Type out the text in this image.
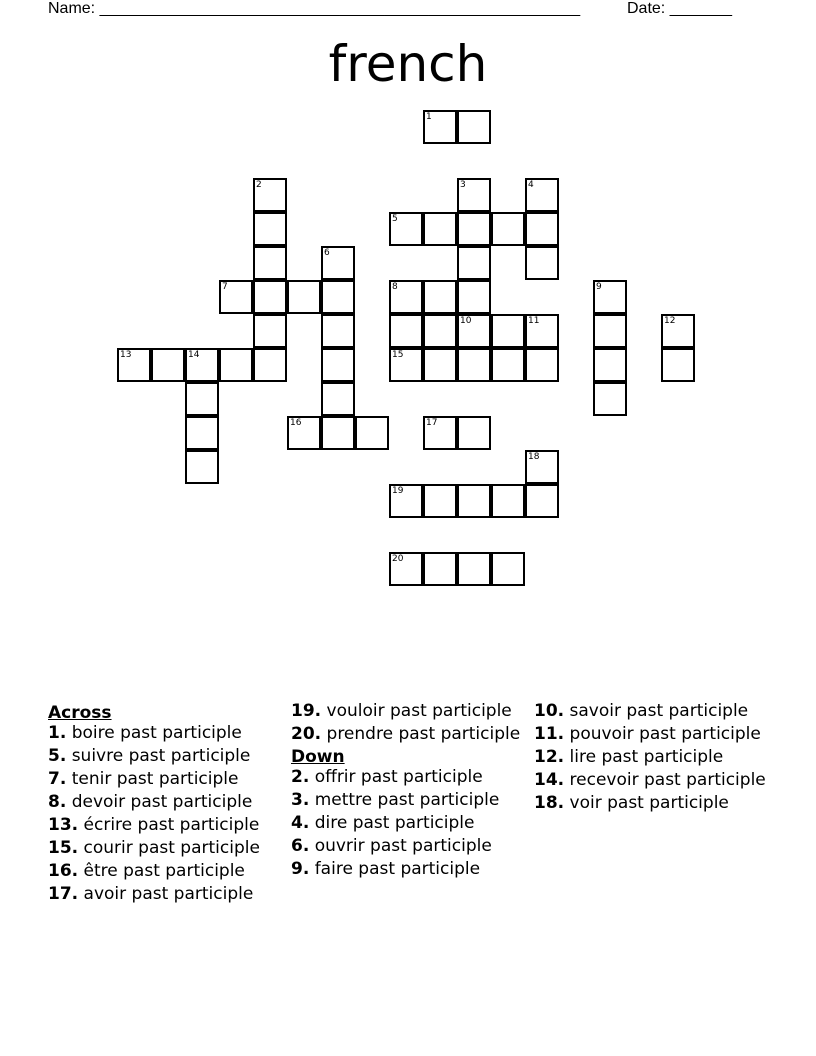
Name: ______________________________________________________	Date: _______
french
1
2	3	4
5
6
7	8	9
10	11	12
13	14	15
16	17
18
19
20
Across
1. boire past participle
5. suivre past participle
7. tenir past participle
8. devoir past participle
13. écrire past participle
15. courir past participle
16. être past participle
17. avoir past participle
19. vouloir past participle
20. prendre past participle
Down
2. offrir past participle
3. mettre past participle
4. dire past participle
6. ouvrir past participle
9. faire past participle
10. savoir past participle
11. pouvoir past participle
12. lire past participle
14. recevoir past participle
18. voir past participle
